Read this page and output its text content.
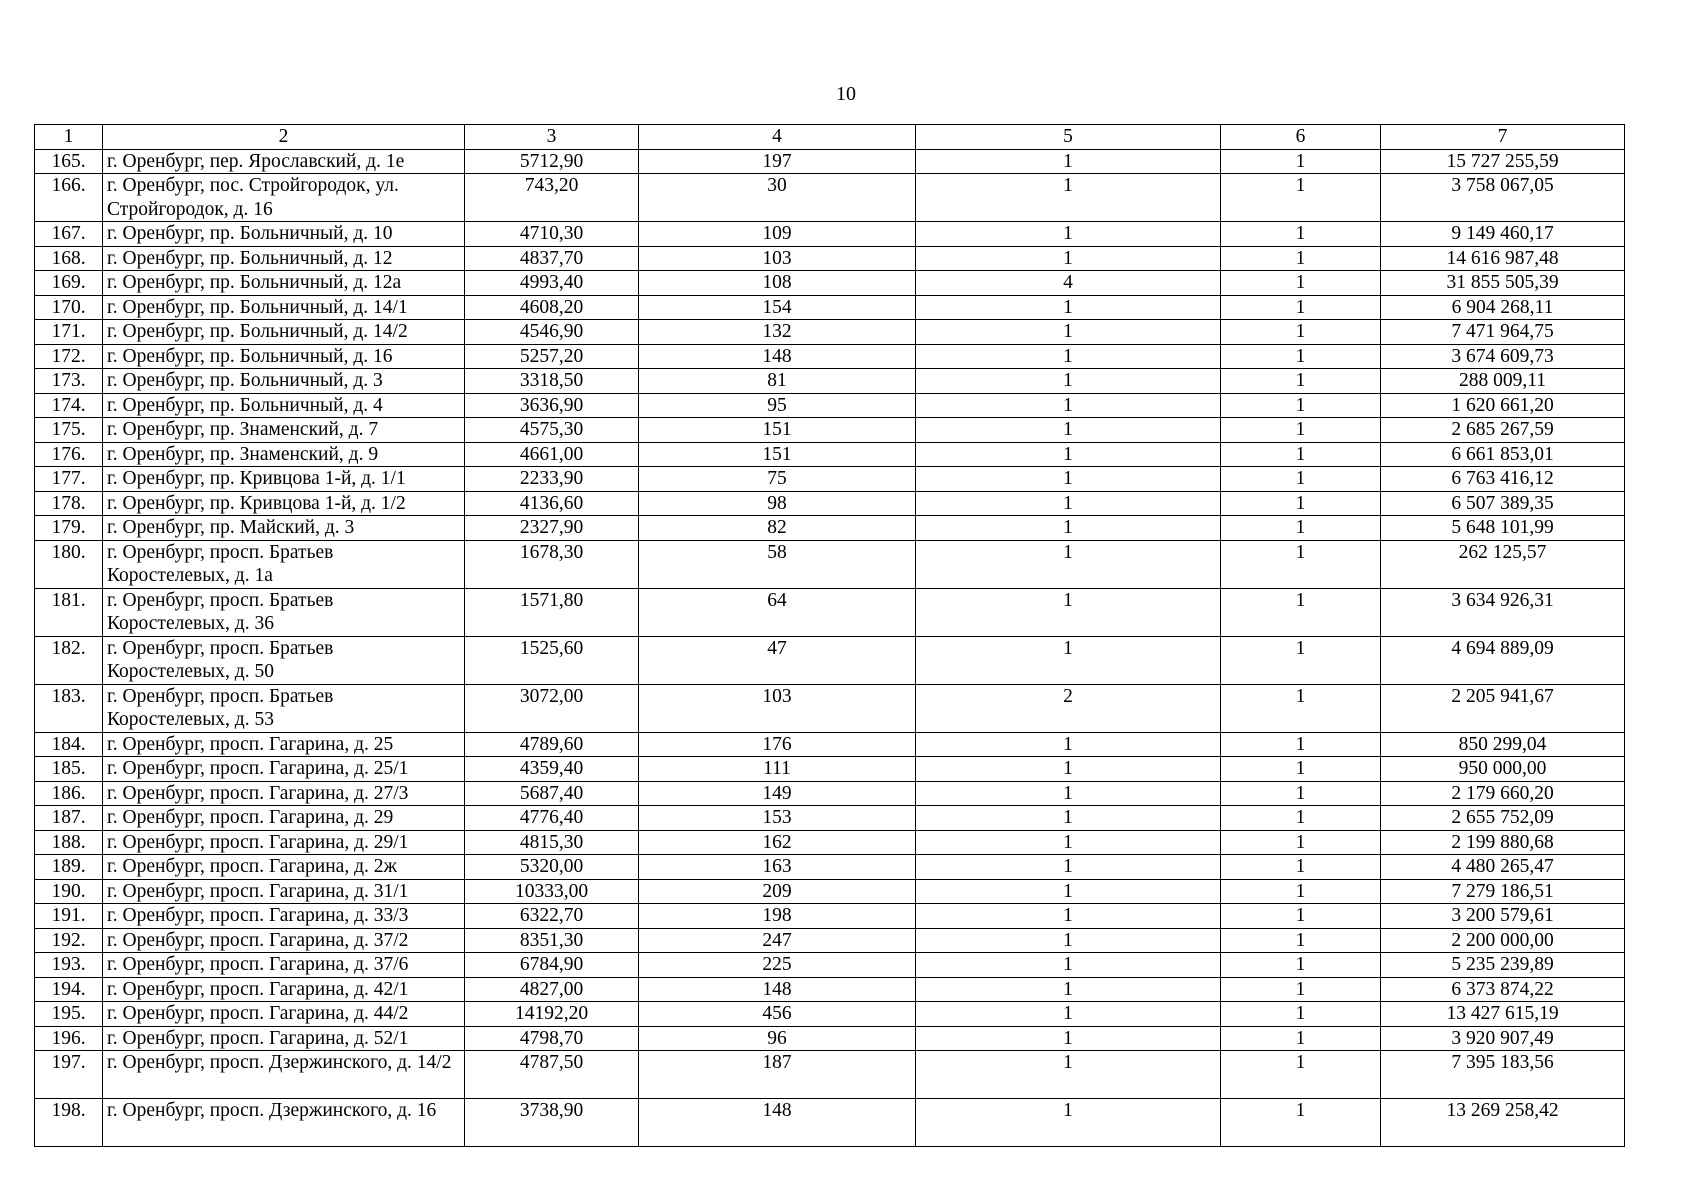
10
1	2	3	4	5	6	7
165.	г. Оренбург, пер. Ярославский, д. 1е	5712,90	197	1	1	15 727 255,59
166.	г. Оренбург, пос. Стройгородок, ул. Стройгородок, д. 16	743,20	30	1	1	3 758 067,05
167.	г. Оренбург, пр. Больничный, д. 10	4710,30	109	1	1	9 149 460,17
168.	г. Оренбург, пр. Больничный, д. 12	4837,70	103	1	1	14 616 987,48
169.	г. Оренбург, пр. Больничный, д. 12а	4993,40	108	4	1	31 855 505,39
170.	г. Оренбург, пр. Больничный, д. 14/1	4608,20	154	1	1	6 904 268,11
171.	г. Оренбург, пр. Больничный, д. 14/2	4546,90	132	1	1	7 471 964,75
172.	г. Оренбург, пр. Больничный, д. 16	5257,20	148	1	1	3 674 609,73
173.	г. Оренбург, пр. Больничный, д. 3	3318,50	81	1	1	288 009,11
174.	г. Оренбург, пр. Больничный, д. 4	3636,90	95	1	1	1 620 661,20
175.	г. Оренбург, пр. Знаменский, д. 7	4575,30	151	1	1	2 685 267,59
176.	г. Оренбург, пр. Знаменский, д. 9	4661,00	151	1	1	6 661 853,01
177.	г. Оренбург, пр. Кривцова 1-й, д. 1/1	2233,90	75	1	1	6 763 416,12
178.	г. Оренбург, пр. Кривцова 1-й, д. 1/2	4136,60	98	1	1	6 507 389,35
179.	г. Оренбург, пр. Майский, д. 3	2327,90	82	1	1	5 648 101,99
180.	г. Оренбург, просп. Братьев Коростелевых, д. 1а	1678,30	58	1	1	262 125,57
181.	г. Оренбург, просп. Братьев Коростелевых, д. 36	1571,80	64	1	1	3 634 926,31
182.	г. Оренбург, просп. Братьев Коростелевых, д. 50	1525,60	47	1	1	4 694 889,09
183.	г. Оренбург, просп. Братьев Коростелевых, д. 53	3072,00	103	2	1	2 205 941,67
184.	г. Оренбург, просп. Гагарина, д. 25	4789,60	176	1	1	850 299,04
185.	г. Оренбург, просп. Гагарина, д. 25/1	4359,40	111	1	1	950 000,00
186.	г. Оренбург, просп. Гагарина, д. 27/3	5687,40	149	1	1	2 179 660,20
187.	г. Оренбург, просп. Гагарина, д. 29	4776,40	153	1	1	2 655 752,09
188.	г. Оренбург, просп. Гагарина, д. 29/1	4815,30	162	1	1	2 199 880,68
189.	г. Оренбург, просп. Гагарина, д. 2ж	5320,00	163	1	1	4 480 265,47
190.	г. Оренбург, просп. Гагарина, д. 31/1	10333,00	209	1	1	7 279 186,51
191.	г. Оренбург, просп. Гагарина, д. 33/3	6322,70	198	1	1	3 200 579,61
192.	г. Оренбург, просп. Гагарина, д. 37/2	8351,30	247	1	1	2 200 000,00
193.	г. Оренбург, просп. Гагарина, д. 37/6	6784,90	225	1	1	5 235 239,89
194.	г. Оренбург, просп. Гагарина, д. 42/1	4827,00	148	1	1	6 373 874,22
195.	г. Оренбург, просп. Гагарина, д. 44/2	14192,20	456	1	1	13 427 615,19
196.	г. Оренбург, просп. Гагарина, д. 52/1	4798,70	96	1	1	3 920 907,49
197.	г. Оренбург, просп. Дзержинского, д. 14/2	4787,50	187	1	1	7 395 183,56
198.	г. Оренбург, просп. Дзержинского, д. 16	3738,90	148	1	1	13 269 258,42
